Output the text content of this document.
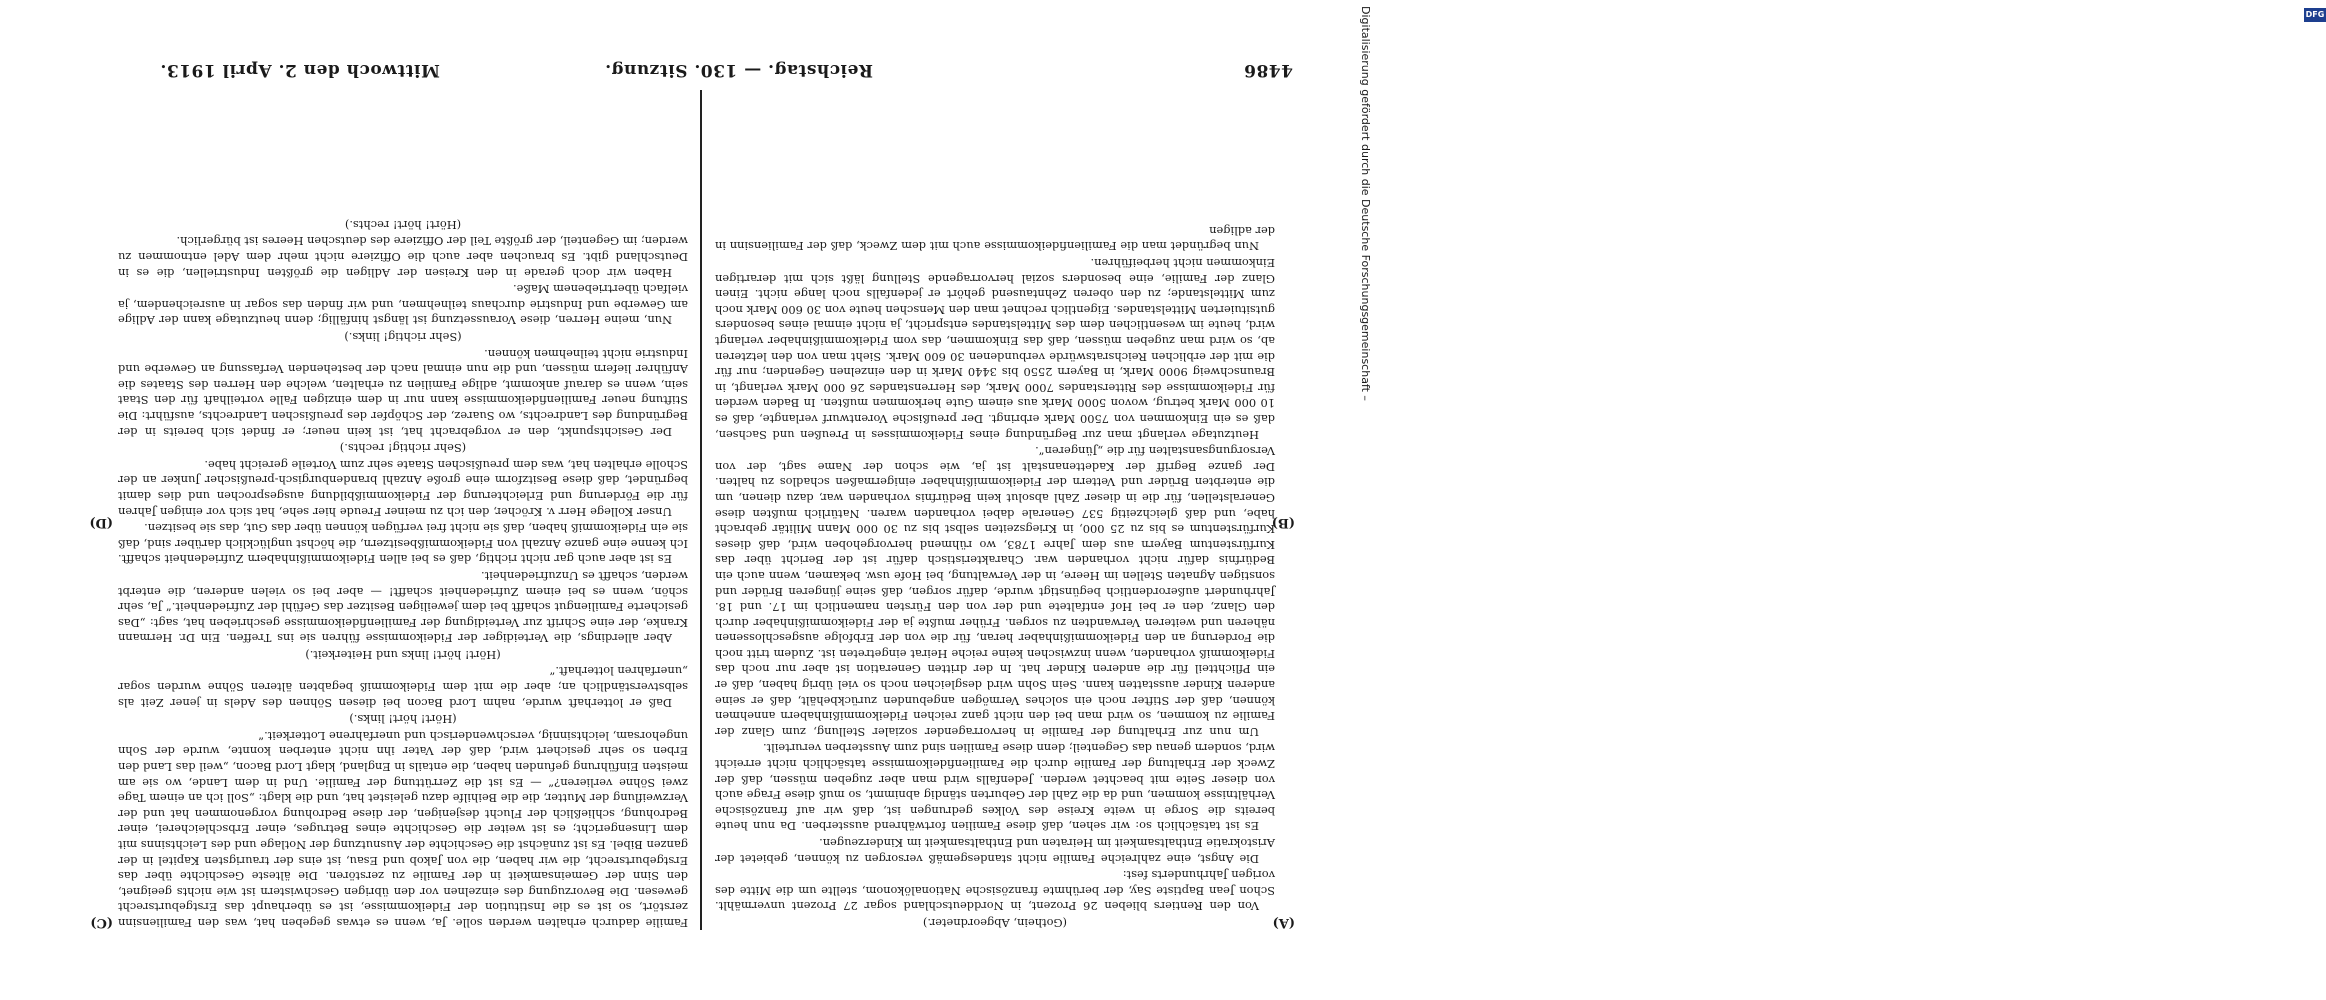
4486
Reichstag. — 130. Sitzung.
Mittwoch den 2. April 1913.
(A)
(B)
(C)
(D)

(Gothein, Abgeordneter.)

Von den Rentiers blieben 26 Prozent, in Norddeutschland sogar 27 Prozent unvermählt. Schon Jean Baptiste Say, der berühmte französische Nationalökonom, stellte um die Mitte des vorigen Jahrhunderts fest:

Die Angst, eine zahlreiche Familie nicht standesgemäß versorgen zu können, gebietet der Aristokratie Enthaltsamkeit im Heiraten und Enthaltsamkeit im Kinderzeugen.

Es ist tatsächlich so: wir sehen, daß diese Familien fortwährend aussterben. Da nun heute bereits die Sorge in weite Kreise des Volkes gedrungen ist, daß wir auf französische Verhältnisse kommen, und da die Zahl der Geburten ständig abnimmt, so muß diese Frage auch von dieser Seite mit beachtet werden. Jedenfalls wird man aber zugeben müssen, daß der Zweck der Erhaltung der Familie durch die Familienfideikommisse tatsächlich nicht erreicht wird, sondern genau das Gegenteil; denn diese Familien sind zum Aussterben verurteilt.

Um nun zur Erhaltung der Familie in hervorragender sozialer Stellung, zum Glanz der Familie zu kommen, so wird man bei den nicht ganz reichen Fideikommißinhabern annehmen können, daß der Stifter noch ein solches Vermögen angebunden zurückbehält, daß er seine anderen Kinder ausstatten kann. Sein Sohn wird desgleichen noch so viel übrig haben, daß er ein Pflichtteil für die anderen Kinder hat. In der dritten Generation ist aber nur noch das Fideikommiß vorhanden, wenn inzwischen keine reiche Heirat eingetreten ist. Zudem tritt noch die Forderung an den Fideikommißinhaber heran, für die von der Erbfolge ausgeschlossenen näheren und weiteren Verwandten zu sorgen. Früher mußte ja der Fideikommißinhaber durch den Glanz, den er bei Hof entfaltete und der von den Fürsten namentlich im 17. und 18. Jahrhundert außerordentlich begünstigt wurde, dafür sorgen, daß seine jüngeren Brüder und sonstigen Agnaten Stellen im Heere, in der Verwaltung, bei Hofe usw. bekamen, wenn auch ein Bedürfnis dafür nicht vorhanden war. Charakteristisch dafür ist der Bericht über das Kurfürstentum Bayern aus dem Jahre 1783, wo rühmend hervorgehoben wird, daß dieses Kurfürstentum es bis zu 25 000, in Kriegszeiten selbst bis zu 30 000 Mann Militär gebracht habe, und daß gleichzeitig 537 Generale dabei vorhanden waren. Natürlich mußten diese Generalstellen, für die in dieser Zahl absolut kein Bedürfnis vorhanden war, dazu dienen, um die enterbten Brüder und Vettern der Fideikommißinhaber einigermaßen schadlos zu halten. Der ganze Begriff der Kadettenanstalt ist ja, wie schon der Name sagt, der von Versorgungsanstalten für die „Jüngeren“.

Heutzutage verlangt man zur Begründung eines Fideikommisses in Preußen und Sachsen, daß es ein Einkommen von 7500 Mark erbringt. Der preußische Vorentwurf verlangte, daß es 10 000 Mark betrug, wovon 5000 Mark aus einem Gute herkommen mußten. In Baden werden für Fideikommisse des Ritterstandes 7000 Mark, des Herrenstandes 26 000 Mark verlangt, in Braunschweig 9000 Mark, in Bayern 2550 bis 3440 Mark in den einzelnen Gegenden; nur für die mit der erblichen Reichsratswürde verbundenen 30 600 Mark. Sieht man von den letzteren ab, so wird man zugeben müssen, daß das Einkommen, das vom Fideikommißinhaber verlangt wird, heute im wesentlichen dem des Mittelstandes entspricht, ja nicht einmal eines besonders gutsituierten Mittelstandes. Eigentlich rechnet man den Menschen heute von 30 600 Mark noch zum Mittelstande; zu den oberen Zehntausend gehört er jedenfalls noch lange nicht. Einen Glanz der Familie, eine besonders sozial hervorragende Stellung läßt sich mit derartigen Einkommen nicht herbeiführen.

Nun begründet man die Familienfideikommisse auch mit dem Zweck, daß der Familiensinn in der adligen

Familie dadurch erhalten werden solle. Ja, wenn es etwas gegeben hat, was den Familiensinn zerstört, so ist es die Institution der Fideikommisse, ist es überhaupt das Erstgeburtsrecht gewesen. Die Bevorzugung des einzelnen vor den übrigen Geschwistern ist wie nichts geeignet, den Sinn der Gemeinsamkeit in der Familie zu zerstören. Die älteste Geschichte über das Erstgeburtsrecht, die wir haben, die von Jakob und Esau, ist eins der traurigsten Kapitel in der ganzen Bibel. Es ist zunächst die Geschichte der Ausnutzung der Notlage und des Leichtsinns mit dem Linsengericht; es ist weiter die Geschichte eines Betruges, einer Erbschleicherei, einer Bedrohung, schließlich der Flucht desjenigen, der diese Bedrohung vorgenommen hat und der Verzweiflung der Mutter, die die Beihilfe dazu geleistet hat, und die klagt: „Soll ich an einem Tage zwei Söhne verlieren?“ — Es ist die Zerrüttung der Familie. Und in dem Lande, wo sie am meisten Einführung gefunden haben, die entails in England, klagt Lord Bacon, „weil das Land den Erben so sehr gesichert wird, daß der Vater ihn nicht enterben konnte, wurde der Sohn ungehorsam, leichtsinnig, verschwenderisch und unerfahrene Lotterkeit.“

(Hört! hört! links.)

Daß er lotterhaft wurde, nahm Lord Bacon bei diesen Söhnen des Adels in jener Zeit als selbstverständlich an; aber die mit dem Fideikommiß begabten älteren Söhne wurden sogar „unerfahren lotterhaft.“

(Hört! hört! links und Heiterkeit.)

Aber allerdings, die Verteidiger der Fideikommisse führen sie ins Treffen. Ein Dr. Hermann Kranke, der eine Schrift zur Verteidigung der Familienfideikommisse geschrieben hat, sagt: „Das gesicherte Familiengut schafft bei dem jeweiligen Besitzer das Gefühl der Zufriedenheit.“ Ja, sehr schön, wenn es bei einem Zufriedenheit schafft! — aber bei so vielen anderen, die enterbt werden, schafft es Unzufriedenheit.

Es ist aber auch gar nicht richtig, daß es bei allen Fideikommißinhabern Zufriedenheit schafft. Ich kenne eine ganze Anzahl von Fideikommißbesitzern, die höchst unglücklich darüber sind, daß sie ein Fideikommiß haben, daß sie nicht frei verfügen können über das Gut, das sie besitzen.

Unser Kollege Herr v. Kröcher, den ich zu meiner Freude hier sehe, hat sich vor einigen Jahren für die Förderung und Erleichterung der Fideikommißbildung ausgesprochen und dies damit begründet, daß diese Besitzform eine große Anzahl brandenburgisch-preußischer Junker an der Scholle erhalten hat, was dem preußischen Staate sehr zum Vorteile gereicht habe.

(Sehr richtig! rechts.)

Der Gesichtspunkt, den er vorgebracht hat, ist kein neuer; er findet sich bereits in der Begründung des Landrechts, wo Suarez, der Schöpfer des preußischen Landrechts, ausführt: Die Stiftung neuer Familienfideikommisse kann nur in dem einzigen Falle vorteilhaft für den Staat sein, wenn es darauf ankommt, adlige Familien zu erhalten, welche den Herren des Staates die Anführer liefern müssen, und die nun einmal nach der bestehenden Verfassung an Gewerbe und Industrie nicht teilnehmen können.

(Sehr richtig! links.)

Nun, meine Herren, diese Voraussetzung ist längst hinfällig; denn heutzutage kann der Adlige am Gewerbe und Industrie durchaus teilnehmen, und wir finden das sogar in ausreichendem, ja vielfach übertriebenem Maße.

Haben wir doch gerade in den Kreisen der Adligen die größten Industriellen, die es in Deutschland gibt. Es brauchen aber auch die Offiziere nicht mehr dem Adel entnommen zu werden; im Gegenteil, der größte Teil der Offiziere des deutschen Heeres ist bürgerlich.

(Hört! hört! rechts.)	Digitalisierung gefördert durch die Deutsche Forschungsgemeinschaft –	DFG
